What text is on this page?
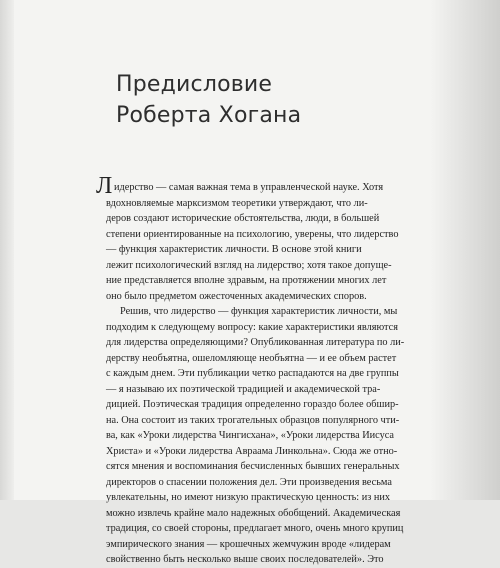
Предисловие
Роберта Хогана
Л идерство — самая важная тема в управленческой науке. Хотя
вдохновляемые марксизмом теоретики утверждают, что ли-
деров создают исторические обстоятельства, люди, в большей
степени ориентированные на психологию, уверены, что лидерство
— функция характеристик личности. В основе этой книги
лежит психологический взгляд на лидерство; хотя такое допуще-
ние представляется вполне здравым, на протяжении многих лет
оно было предметом ожесточенных академических споров.
Решив, что лидерство — функция характеристик личности, мы
подходим к следующему вопросу: какие характеристики являются
для лидерства определяющими? Опубликованная литература по ли-
дерству необъятна, ошеломляюще необъятна — и ее объем растет
с каждым днем. Эти публикации четко распадаются на две группы
— я называю их поэтической традицией и академической тра-
дицией. Поэтическая традиция определенно гораздо более обшир-
на. Она состоит из таких трогательных образцов популярного чти-
ва, как «Уроки лидерства Чингисхана», «Уроки лидерства Иисуса
Христа» и «Уроки лидерства Авраама Линкольна». Сюда же отно-
сятся мнения и воспоминания бесчисленных бывших генеральных
директоров о спасении положения дел. Эти произведения весьма
увлекательны, но имеют низкую практическую ценность: из них
можно извлечь крайне мало надежных обобщений. Академическая
традиция, со своей стороны, предлагает много, очень много крупиц
эмпирического знания — крошечных жемчужин вроде «лидерам
свойственно быть несколько выше своих последователей». Это
